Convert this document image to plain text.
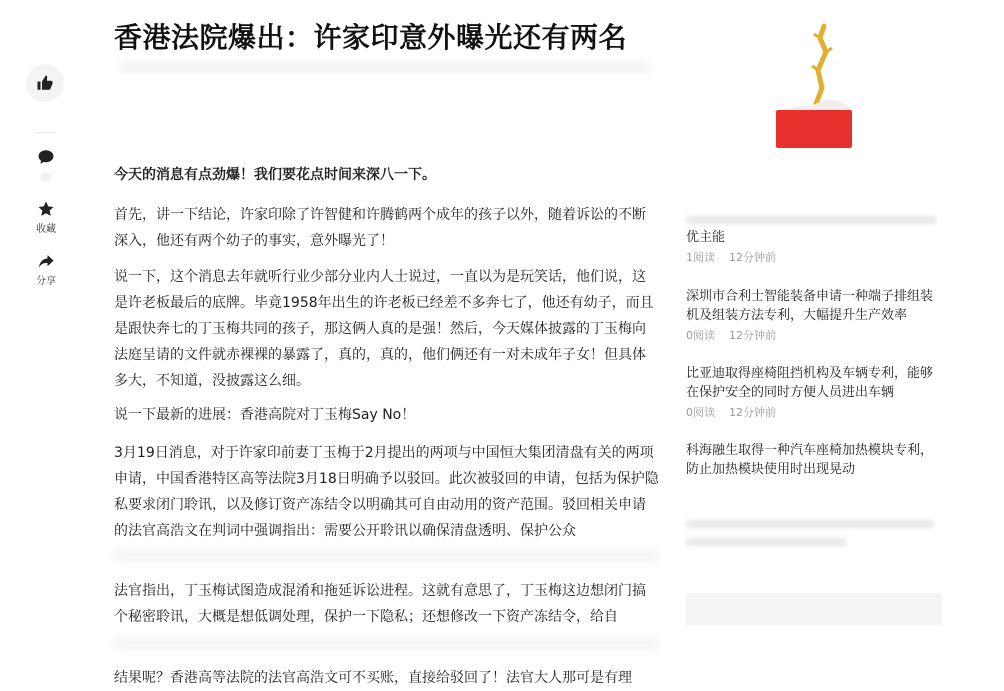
收藏
分享
香港法院爆出：许家印意外曝光还有两名

今天的消息有点劲爆！我们要花点时间来深八一下。

首先，讲一下结论，许家印除了许智健和许腾鹤两个成年的孩子以外，随着诉讼的不断深入，他还有两个幼子的事实，意外曝光了！

说一下，这个消息去年就听行业少部分业内人士说过，一直以为是玩笑话，他们说，这是许老板最后的底牌。毕竟1958年出生的许老板已经差不多奔七了，他还有幼子，而且是跟快奔七的丁玉梅共同的孩子，那这俩人真的是强！然后，今天媒体披露的丁玉梅向法庭呈请的文件就赤裸裸的暴露了，真的，真的，他们俩还有一对未成年子女！但具体多大，不知道，没披露这么细。

说一下最新的进展：香港高院对丁玉梅Say No！

3月19日消息，对于许家印前妻丁玉梅于2月提出的两项与中国恒大集团清盘有关的两项申请，中国香港特区高等法院3月18日明确予以驳回。此次被驳回的申请，包括为保护隐私要求闭门聆讯，以及修订资产冻结令以明确其可自由动用的资产范围。驳回相关申请的法官高浩文在判词中强调指出：需要公开聆讯以确保清盘透明、保护公众

法官指出，丁玉梅试图造成混淆和拖延诉讼进程。这就有意思了，丁玉梅这边想闭门搞个秘密聆讯，大概是想低调处理，保护一下隐私；还想修改一下资产冻结令，给自

结果呢？香港高等法院的法官高浩文可不买账，直接给驳回了！法官大人那可是有理

优主能

1阅读 12分钟前

深圳市合利士智能装备申请一种端子排组装机及组装方法专利，大幅提升生产效率

0阅读 12分钟前

比亚迪取得座椅阻挡机构及车辆专利，能够在保护安全的同时方便人员进出车辆

0阅读 12分钟前

科海融生取得一种汽车座椅加热模块专利，防止加热模块使用时出现晃动
